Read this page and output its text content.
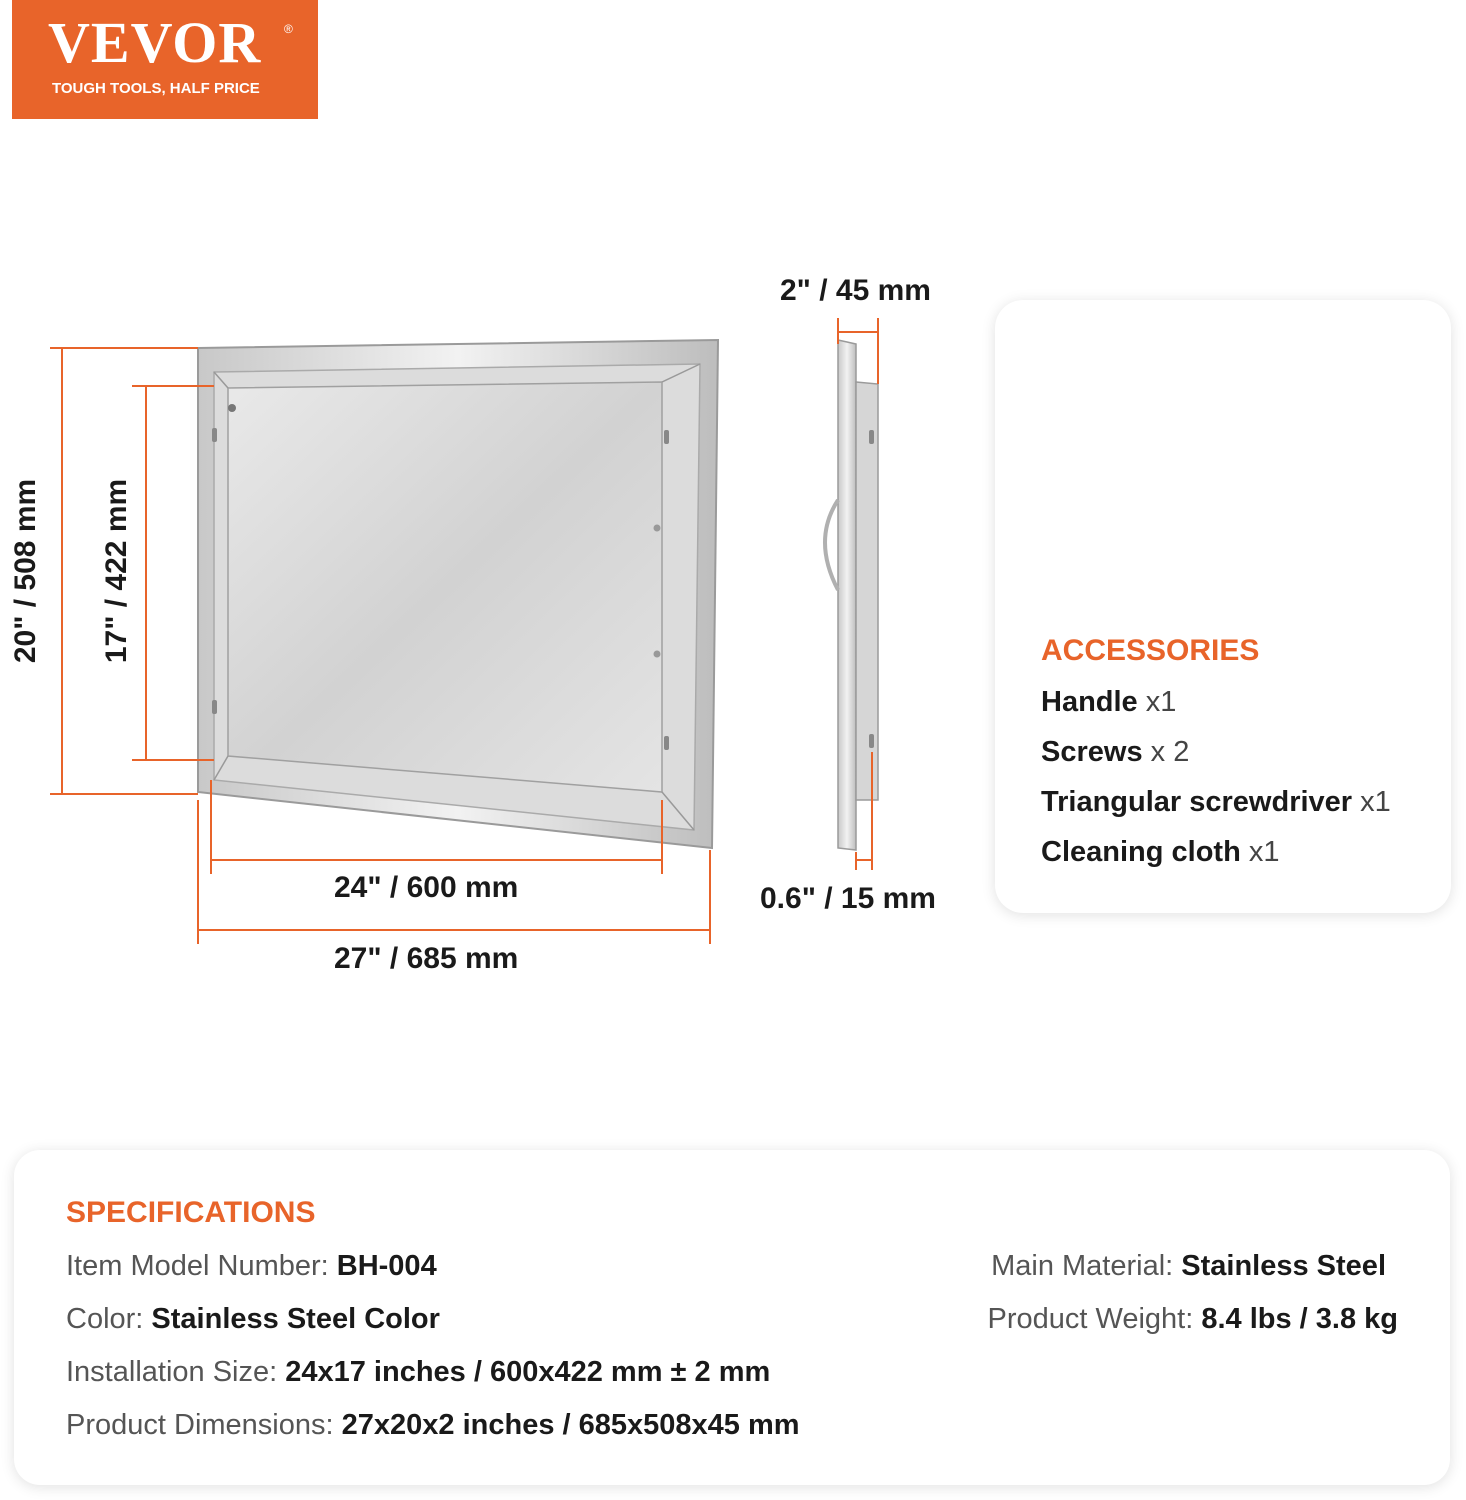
VEVOR ®
TOUGH TOOLS, HALF PRICE
2" / 45 mm
0.6" / 15 mm
24" / 600 mm
27" / 685 mm
20" / 508 mm 17" / 422 mm	ACCESSORIES
Handle x1
Screws x 2
Triangular screwdriver x1
Cleaning cloth x1
SPECIFICATIONS
Item Model Number: BH-004
Color: Stainless Steel Color
Installation Size: 24x17 inches / 600x422 mm ± 2 mm
Product Dimensions: 27x20x2 inches / 685x508x45 mm
Main Material: Stainless Steel
Product Weight: 8.4 lbs / 3.8 kg
